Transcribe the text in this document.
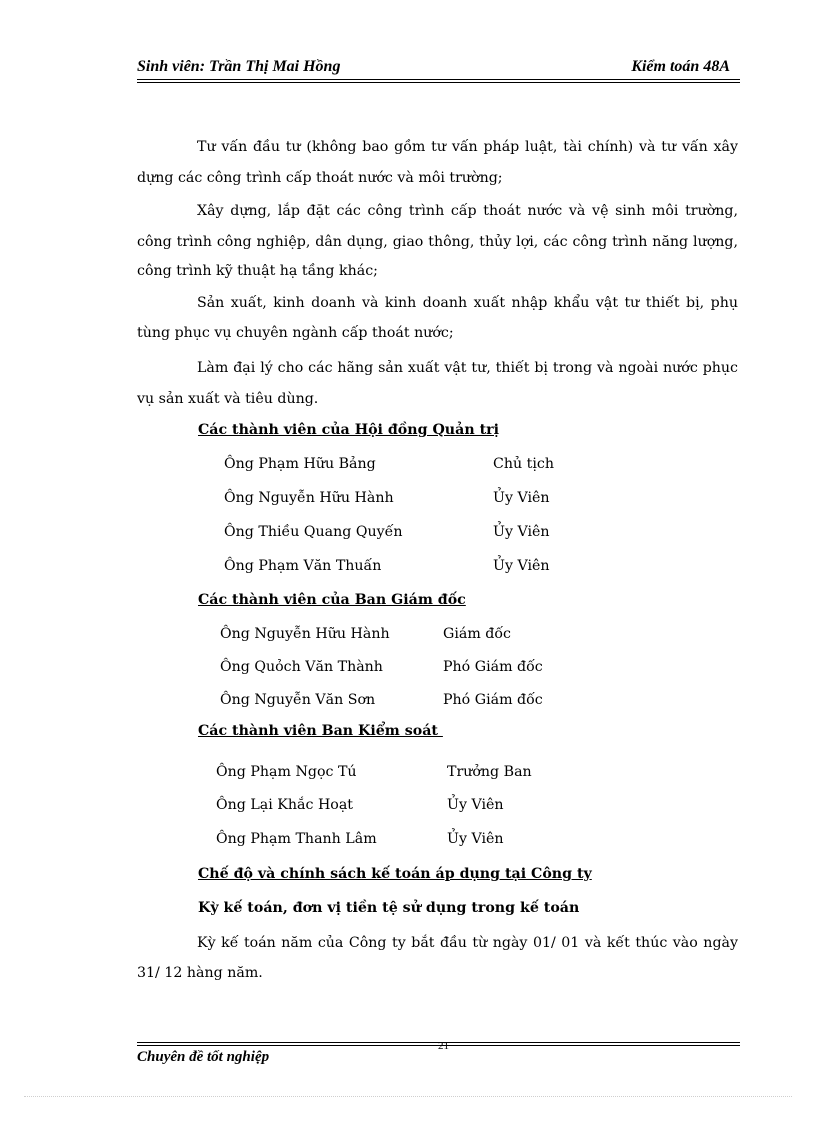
Sinh viên: Trần Thị Mai Hồng	Kiểm toán 48A
Tư vấn đầu tư (không bao gồm tư vấn pháp luật, tài chính) và tư vấn xây
dựng các công trình cấp thoát nước và môi trường;
Xây dựng, lắp đặt các công trình cấp thoát nước và vệ sinh môi trường,
công trình công nghiệp, dân dụng, giao thông, thủy lợi, các công trình năng lượng,
công trình kỹ thuật hạ tầng khác;
Sản xuất, kinh doanh và kinh doanh xuất nhập khẩu vật tư thiết bị, phụ
tùng phục vụ chuyên ngành cấp thoát nước;
Làm đại lý cho các hãng sản xuất vật tư, thiết bị trong và ngoài nước phục
vụ sản xuất và tiêu dùng.
Các thành viên của Hội đồng Quản trị
Ông Phạm Hữu Bảng	Chủ tịch
Ông Nguyễn Hữu Hành	Ủy Viên
Ông Thiều Quang Quyến	Ủy Viên
Ông Phạm Văn Thuấn	Ủy Viên
Các thành viên của Ban Giám đốc
Ông Nguyễn Hữu Hành	Giám đốc
Ông Quỏch Văn Thành	Phó Giám đốc
Ông Nguyễn Văn Sơn	Phó Giám đốc
Các thành viên Ban Kiểm soát
Ông Phạm Ngọc Tú	Trưởng Ban
Ông Lại Khắc Hoạt	Ủy Viên
Ông Phạm Thanh Lâm	Ủy Viên
Chế độ và chính sách kế toán áp dụng tại Công ty
Kỳ kế toán, đơn vị tiền tệ sử dụng trong kế toán
Kỳ kế toán năm của Công ty bắt đầu từ ngày 01/ 01 và kết thúc vào ngày
31/ 12 hàng năm.
21
Chuyên đề tốt nghiệp
